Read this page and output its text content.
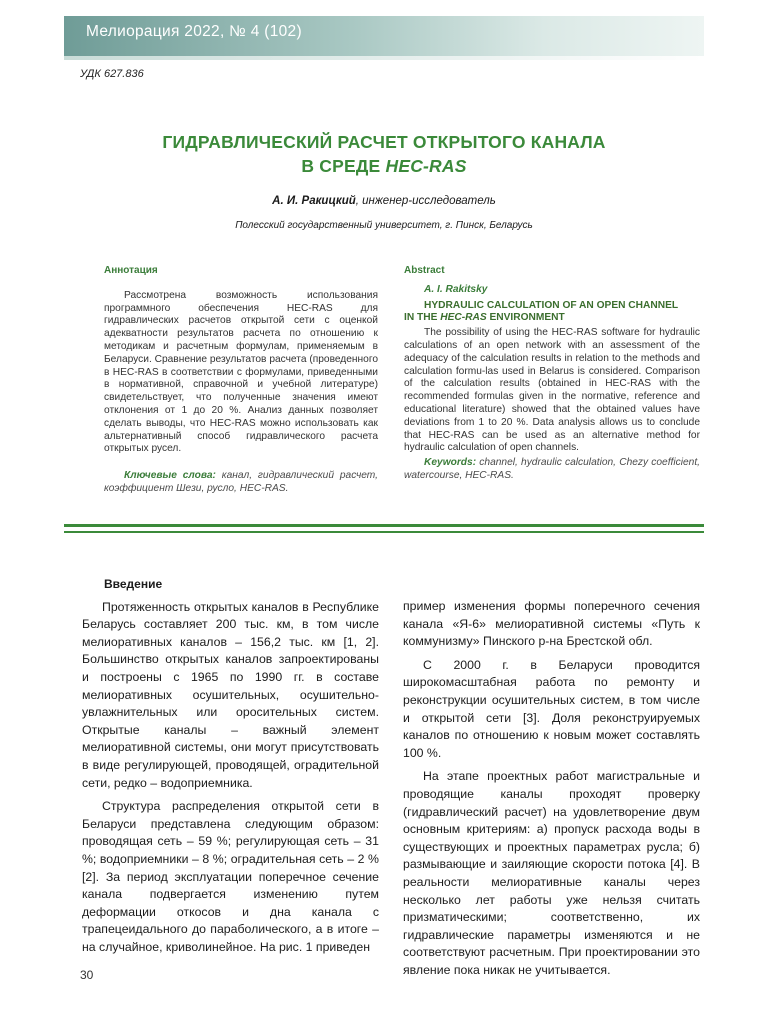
Мелиорация 2022, № 4 (102)
УДК 627.836
ГИДРАВЛИЧЕСКИЙ РАСЧЕТ ОТКРЫТОГО КАНАЛА
В СРЕДЕ HEC-RAS
А. И. Ракицкий, инженер-исследователь
Полесский государственный университет, г. Пинск, Беларусь
Аннотация

Рассмотрена возможность использования программного обеспечения HEC-RAS для гидравлических расчетов открытой сети с оценкой адекватности результатов расчета по отношению к методикам и расчетным формулам, применяемым в Беларуси. Сравнение результатов расчета (проведенного в HEC-RAS в соответствии с формулами, приведенными в нормативной, справочной и учебной литературе) свидетельствует, что полученные значения имеют отклонения от 1 до 20 %. Анализ данных позволяет сделать выводы, что HEC-RAS можно использовать как альтернативный способ гидравлического расчета открытых русел.

Ключевые слова: канал, гидравлический расчет, коэффициент Шези, русло, HEC-RAS.
Abstract
A. I. Rakitsky
HYDRAULIC CALCULATION OF AN OPEN CHANNEL
IN THE HEC-RAS ENVIRONMENT

The possibility of using the HEC-RAS software for hydraulic calculations of an open network with an assessment of the adequacy of the calculation results in relation to the methods and calculation formu-las used in Belarus is considered. Comparison of the calculation results (obtained in HEC-RAS with the recommended formulas given in the normative, reference and educational literature) showed that the obtained values have deviations from 1 to 20 %. Data analysis allows us to conclude that HEC-RAS can be used as an alternative method for hydraulic calculation of open channels.

Keywords: channel, hydraulic calculation, Chezy coefficient, watercourse, HEC-RAS.
Введение

Протяженность открытых каналов в Республике Беларусь составляет 200 тыс. км, в том числе мелиоративных каналов – 156,2 тыс. км [1, 2]. Большинство открытых каналов запроектированы и построены с 1965 по 1990 гг. в составе мелиоративных осушительных, осушительно-увлажнительных или оросительных систем. Открытые каналы – важный элемент мелиоративной системы, они могут присутствовать в виде регулирующей, проводящей, оградительной сети, редко – водоприемника.

Структура распределения открытой сети в Беларуси представлена следующим образом: проводящая сеть – 59 %; регулирующая сеть – 31 %; водоприемники – 8 %; оградительная сеть – 2 % [2]. За период эксплуатации поперечное сечение канала подвергается изменению путем деформации откосов и дна канала с трапецеидального до параболического, а в итоге – на случайное, криволинейное. На рис. 1 приведен

пример изменения формы поперечного сечения канала «Я-6» мелиоративной системы «Путь к коммунизму» Пинского р-на Брестской обл.

С 2000 г. в Беларуси проводится широкомасштабная работа по ремонту и реконструкции осушительных систем, в том числе и открытой сети [3]. Доля реконструируемых каналов по отношению к новым может составлять 100 %.

На этапе проектных работ магистральные и проводящие каналы проходят проверку (гидравлический расчет) на удовлетворение двум основным критериям: а) пропуск расхода воды в существующих и проектных параметрах русла; б) размывающие и заиляющие скорости потока [4]. В реальности мелиоративные каналы через несколько лет работы уже нельзя считать призматическими; соответственно, их гидравлические параметры изменяются и не соответствуют расчетным. При проектировании это явление пока никак не учитывается.

30
